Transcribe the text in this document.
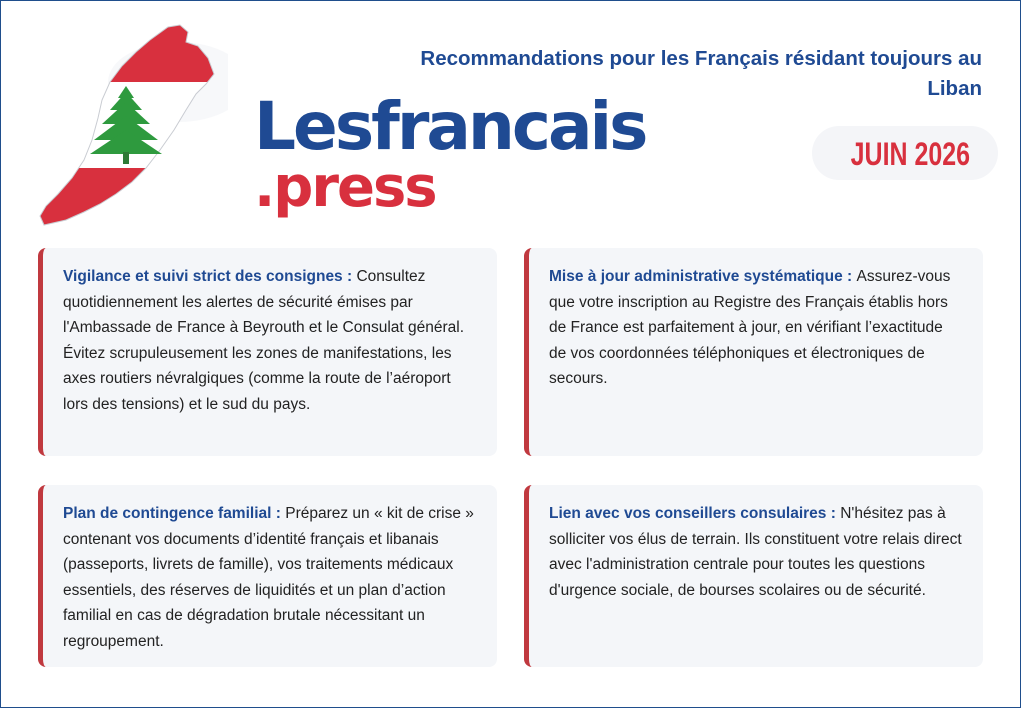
Lesfrancais
.press
Recommandations pour les Français résidant toujours au Liban
JUIN 2026
Vigilance et suivi strict des consignes : Consultez quotidiennement les alertes de sécurité émises par l'Ambassade de France à Beyrouth et le Consulat général. Évitez scrupuleusement les zones de manifestations, les axes routiers névralgiques (comme la route de l’aéroport lors des tensions) et le sud du pays.
Mise à jour administrative systématique : Assurez-vous que votre inscription au Registre des Français établis hors de France est parfaitement à jour, en vérifiant l’exactitude de vos coordonnées téléphoniques et électroniques de secours.
Plan de contingence familial : Préparez un « kit de crise » contenant vos documents d’identité français et libanais (passeports, livrets de famille), vos traitements médicaux essentiels, des réserves de liquidités et un plan d’action familial en cas de dégradation brutale nécessitant un regroupement.
Lien avec vos conseillers consulaires : N'hésitez pas à solliciter vos élus de terrain. Ils constituent votre relais direct avec l'administration centrale pour toutes les questions d'urgence sociale, de bourses scolaires ou de sécurité.
